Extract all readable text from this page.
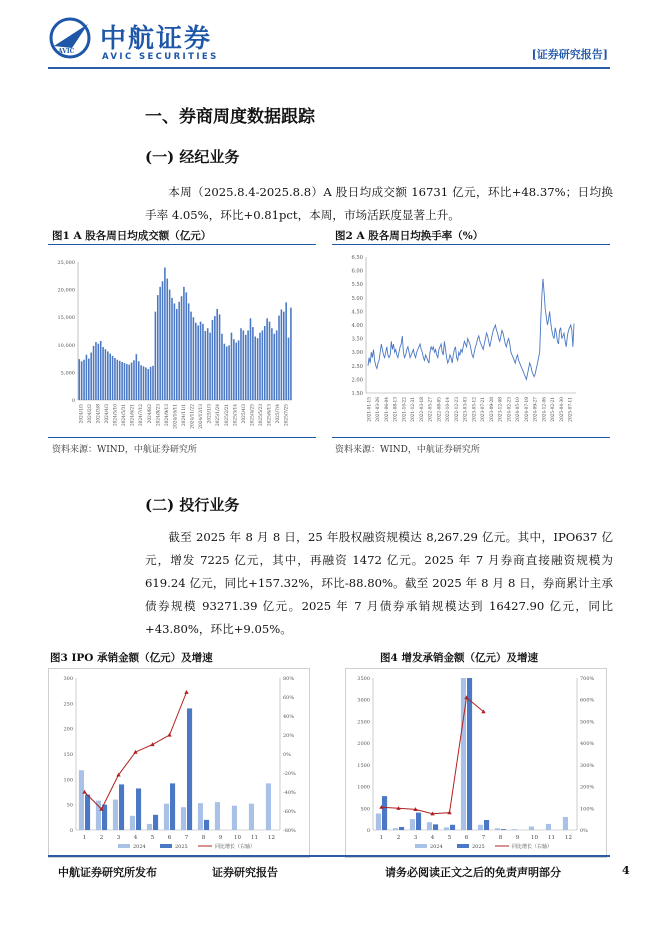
AVIC 中航证券
AVIC SECURITIES	[证券研究报告]
一、券商周度数据跟踪
(一) 经纪业务
本周（2025.8.4-2025.8.8）A 股日均成交额 16731 亿元，环比+48.37%；日均换手率 4.05%，环比+0.81pct，本周，市场活跃度显著上升。
图1 A 股各周日均成交额（亿元）	图2 A 股各周日均换手率（%）
0
5,000
10,000
15,000
20,000
25,000
2024/1/5 2024/2/2 2024/3/8 2024/4/3 2024/5/10 2024/5/31 2024/6/21 2024/7/12 2024/8/2 2024/8/23 2024/9/13 2024/10/11 2024/11/1 2024/11/22 2024/12/13 2025/1/3 2025/1/24 2025/2/21 2025/3/14 2025/4/3 2025/4/25 2025/5/23 2025/6/13 2025/7/4 2025/7/25
1.50
2.00
2.50
3.00
3.50
4.00
4.50
5.00
5.50
6.00
6.50
2021-01-15 2021-03-26 2021-06-04 2021-08-13 2021-10-22 2021-12-31 2022-03-18 2022-05-27 2022-08-05 2022-10-14 2022-12-23 2023-03-03 2023-05-12 2023-07-21 2023-09-28 2023-12-08 2024-02-23 2024-05-10 2024-07-19 2024-09-27 2024-12-06 2025-02-21 2025-04-30 2025-07-11
资料来源：WIND，中航证券研究所	资料来源：WIND，中航证券研究所
(二) 投行业务
截至 2025 年 8 月 8 日，25 年股权融资规模达 8,267.29 亿元。其中，IPO637 亿元，增发 7225 亿元，其中，再融资 1472 亿元。2025 年 7 月券商直接融资规模为 619.24 亿元，同比+157.32%，环比-88.80%。截至 2025 年 8 月 8 日，券商累计主承债券规模 93271.39 亿元。2025 年 7 月债券承销规模达到 16427.90 亿元，同比+43.80%，环比+9.05%。
图3 IPO 承销金额（亿元）及增速	图4 增发承销金额（亿元）及增速
0
50
100
150
200
250
300
-80%
-60%
-40%
-20%
0%
20%
40%
60%
80%
1 2 3 4 5 6 7 8 9 10 11 12
2024	2025	同比增长（右轴）
0
500
1000
1500
2000
2500
3000
3500
0%
100%
200%
300%
400%
500%
600%
700%
1 2 3 4 5 6 7 8 9 10 11 12
2024	2025	同比增长（右轴）
中航证券研究所发布	证券研究报告	请务必阅读正文之后的免责声明部分	4
